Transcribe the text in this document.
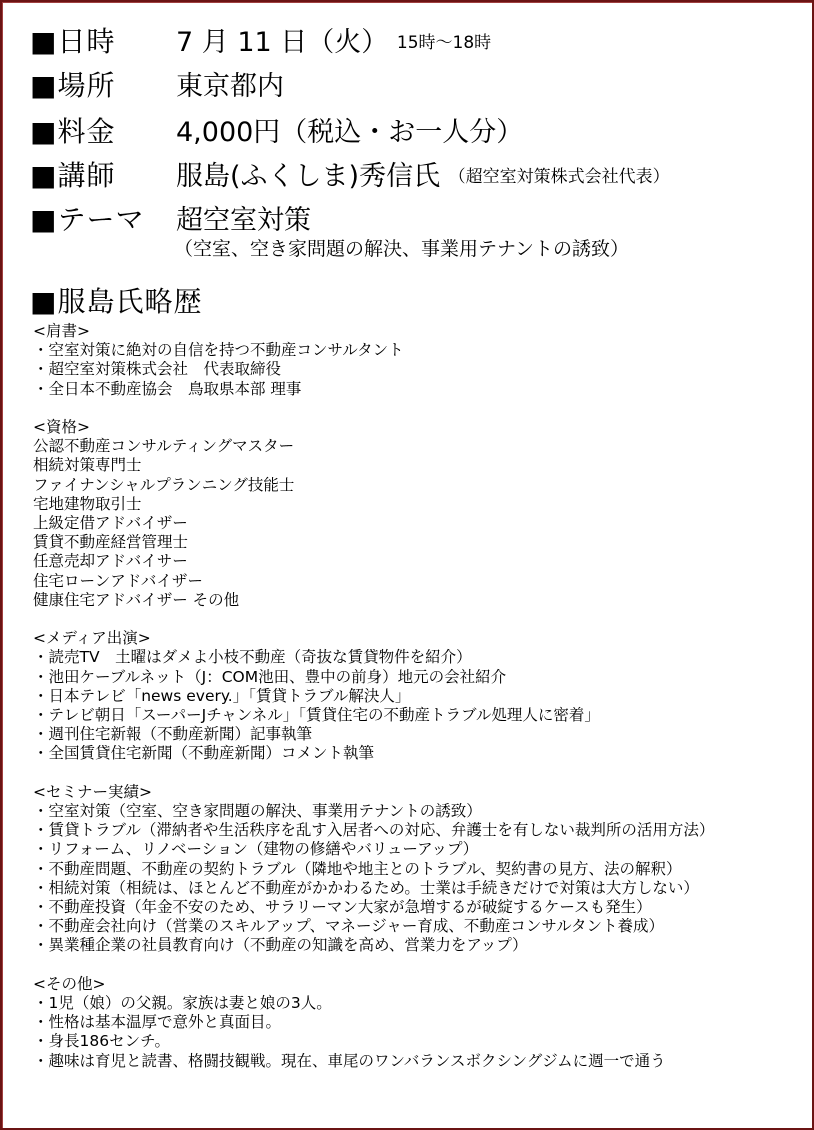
■日時 7 月 11 日（火） 15時～18時
■場所 東京都内
■料金 4,000円（税込・お一人分）
■講師 服島(ふくしま)秀信氏 （超空室対策株式会社代表）
■テーマ 超空室対策
（空室、空き家問題の解決、事業用テナントの誘致）
■服島氏略歴
<肩書>
・空室対策に絶対の自信を持つ不動産コンサルタント
・超空室対策株式会社　代表取締役
・全日本不動産協会　鳥取県本部 理事
<資格>
公認不動産コンサルティングマスター
相続対策専門士
ファイナンシャルプランニング技能士
宅地建物取引士
上級定借アドバイザー
賃貸不動産経営管理士
任意売却アドバイサー
住宅ローンアドバイザー
健康住宅アドバイザー その他
<メディア出演>
・読売TV　土曜はダメよ小枝不動産（奇抜な賃貸物件を紹介）
・池田ケーブルネット（J：COM池田、豊中の前身）地元の会社紹介
・日本テレビ「news every.」「賃貸トラブル解決人」
・テレビ朝日「スーパーJチャンネル」「賃貸住宅の不動産トラブル処理人に密着」
・週刊住宅新報（不動産新聞）記事執筆
・全国賃貸住宅新聞（不動産新聞）コメント執筆
<セミナー実績>
・空室対策（空室、空き家問題の解決、事業用テナントの誘致）
・賃貸トラブル（滞納者や生活秩序を乱す入居者への対応、弁護士を有しない裁判所の活用方法）
・リフォーム、リノベーション（建物の修繕やバリューアップ）
・不動産問題、不動産の契約トラブル（隣地や地主とのトラブル、契約書の見方、法の解釈）
・相続対策（相続は、ほとんど不動産がかかわるため。士業は手続きだけで対策は大方しない）
・不動産投資（年金不安のため、サラリーマン大家が急増するが破綻するケースも発生）
・不動産会社向け（営業のスキルアップ、マネージャー育成、不動産コンサルタント養成）
・異業種企業の社員教育向け（不動産の知識を高め、営業力をアップ）
<その他>
・1児（娘）の父親。家族は妻と娘の3人。
・性格は基本温厚で意外と真面目。
・身長186センチ。
・趣味は育児と読書、格闘技観戦。現在、車尾のワンバランスボクシングジムに週一で通う
